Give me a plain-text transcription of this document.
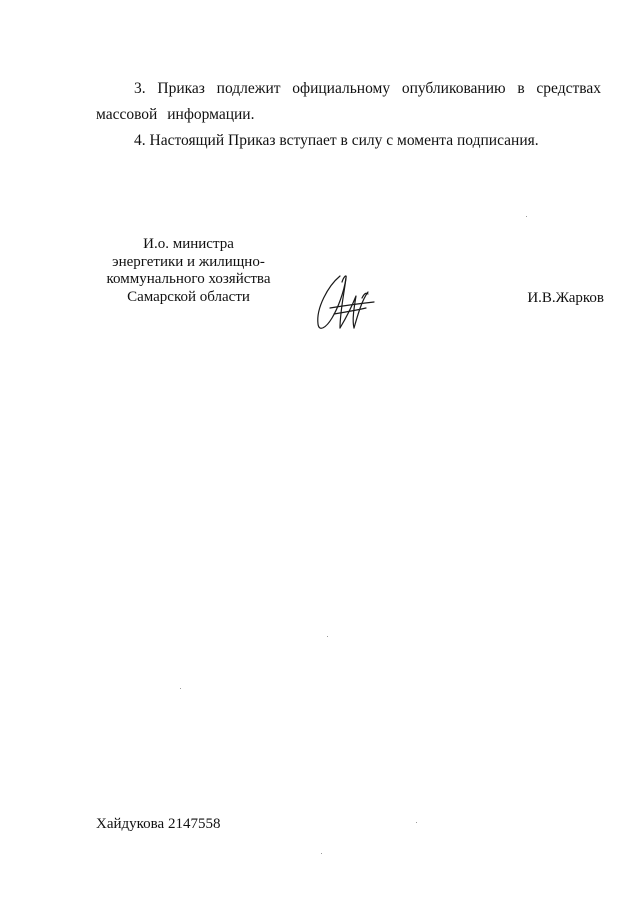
3. Приказ подлежит официальному опубликованию в средствах массовой информации.

4. Настоящий Приказ вступает в силу с момента подписания.

И.о. министра
энергетики и жилищно-
коммунального хозяйства
Самарской области	И.В.Жарков
Хайдукова 2147558
